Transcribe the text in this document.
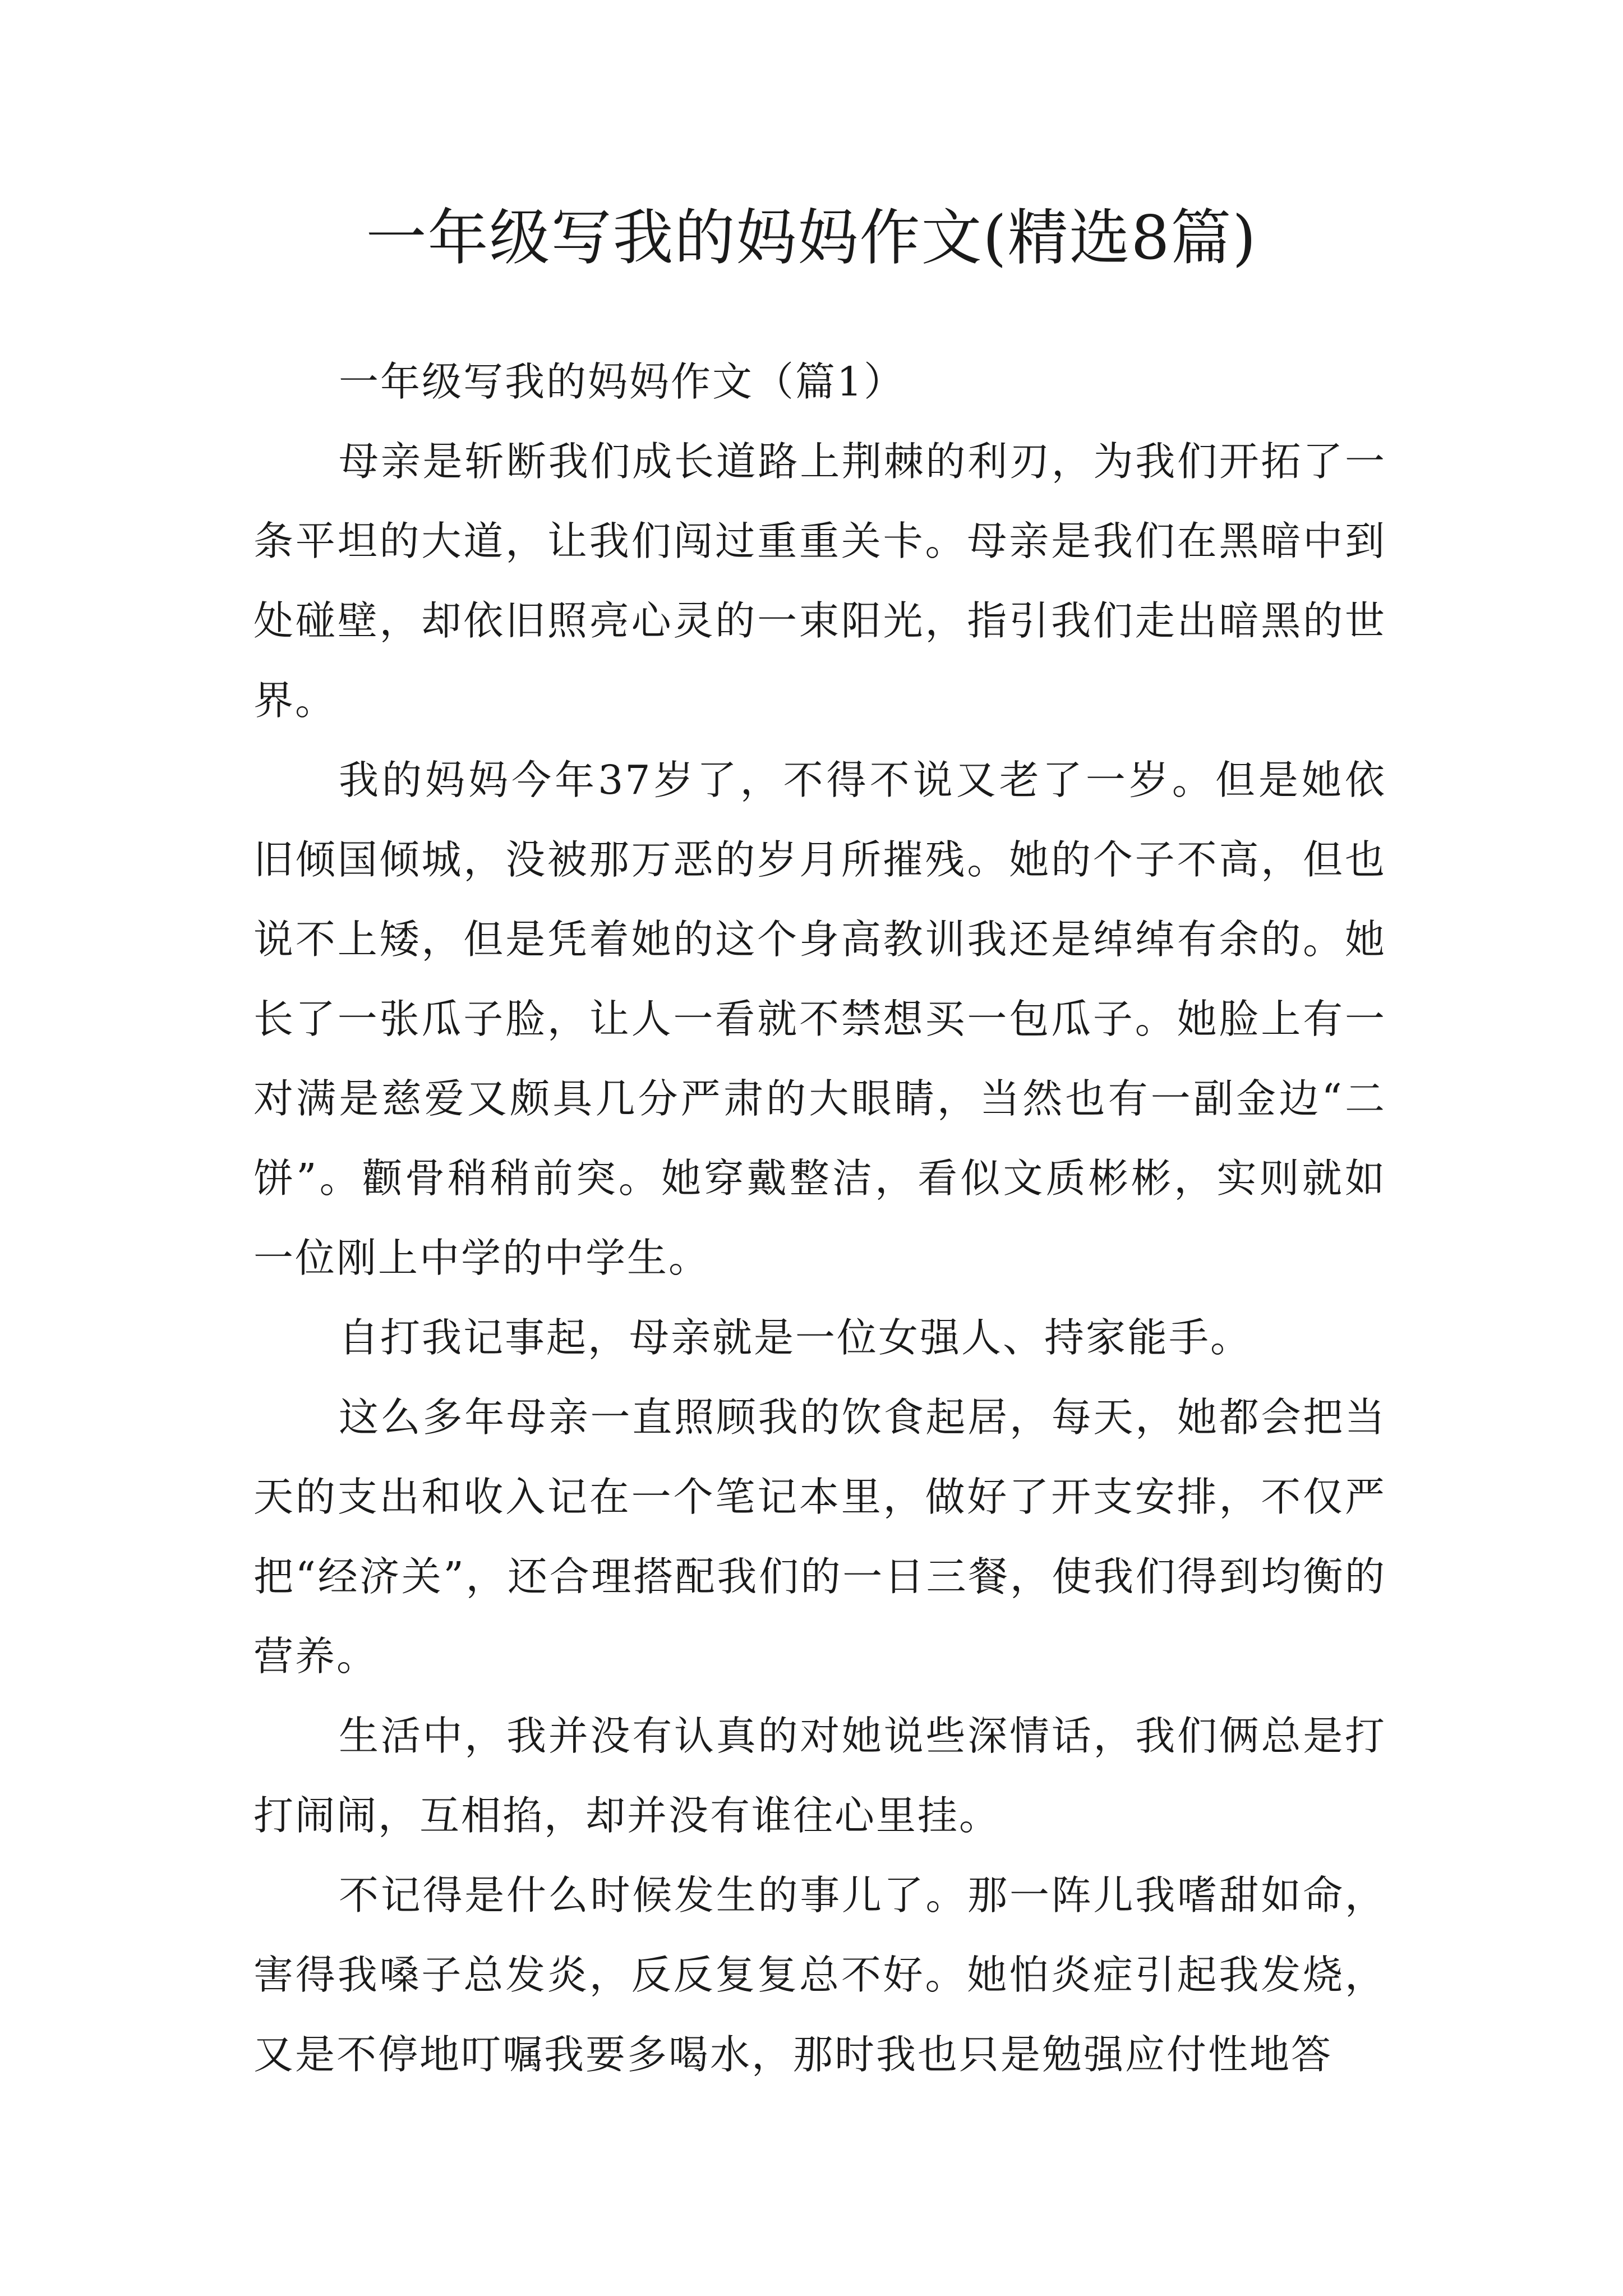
一年级写我的妈妈作文(精选8篇)

一年级写我的妈妈作文（篇1）

母亲是斩断我们成长道路上荆棘的利刃，为我们开拓了一条平坦的大道，让我们闯过重重关卡。母亲是我们在黑暗中到处碰壁，却依旧照亮心灵的一束阳光，指引我们走出暗黑的世界。

我的妈妈今年37岁了，不得不说又老了一岁。但是她依旧倾国倾城，没被那万恶的岁月所摧残。她的个子不高，但也说不上矮，但是凭着她的这个身高教训我还是绰绰有余的。她长了一张瓜子脸，让人一看就不禁想买一包瓜子。她脸上有一对满是慈爱又颇具几分严肃的大眼睛，当然也有一副金边“二饼”。颧骨稍稍前突。她穿戴整洁，看似文质彬彬，实则就如一位刚上中学的中学生。

自打我记事起，母亲就是一位女强人、持家能手。

这么多年母亲一直照顾我的饮食起居，每天，她都会把当天的支出和收入记在一个笔记本里，做好了开支安排，不仅严把“经济关”，还合理搭配我们的一日三餐，使我们得到均衡的营养。

生活中，我并没有认真的对她说些深情话，我们俩总是打打闹闹，互相掐，却并没有谁往心里挂。

不记得是什么时候发生的事儿了。那一阵儿我嗜甜如命，害得我嗓子总发炎，反反复复总不好。她怕炎症引起我发烧，又是不停地叮嘱我要多喝水，那时我也只是勉强应付性地答
